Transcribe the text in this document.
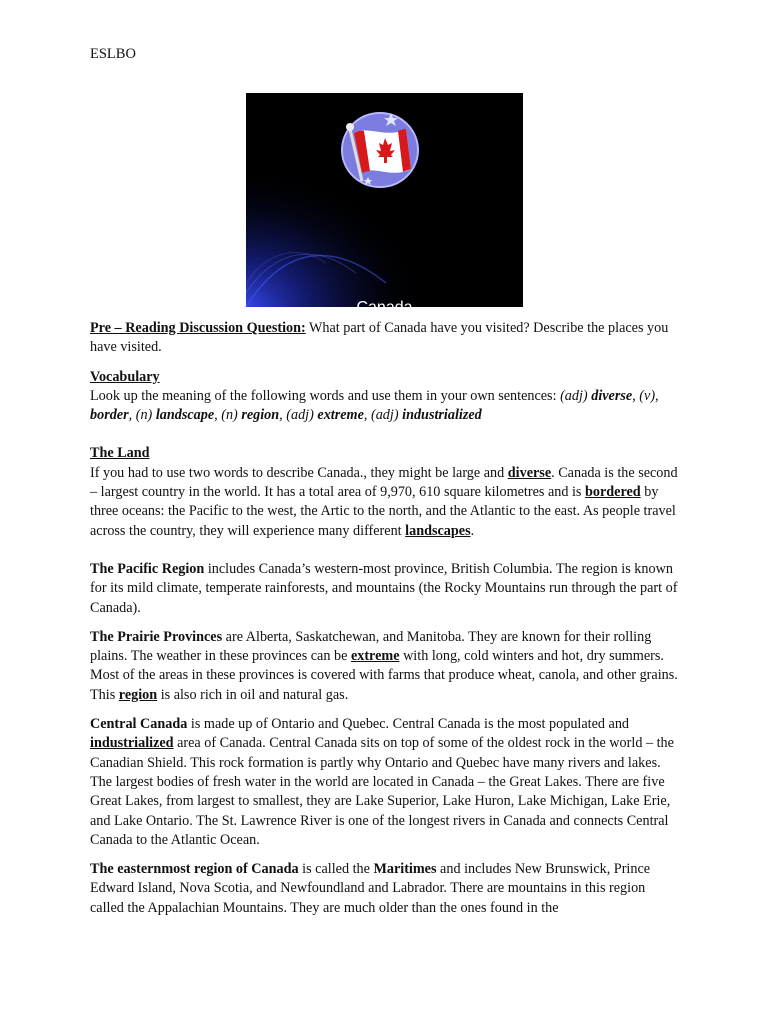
ESLBO
Canada
Land and People

Pre – Reading Discussion Question: What part of Canada have you visited? Describe the places you have visited.

Vocabulary

Look up the meaning of the following words and use them in your own sentences: (adj) diverse, (v), border, (n) landscape, (n) region, (adj) extreme, (adj) industrialized

The Land

If you had to use two words to describe Canada., they might be large and diverse. Canada is the second – largest country in the world. It has a total area of 9,970, 610 square kilometres and is bordered by three oceans: the Pacific to the west, the Artic to the north, and the Atlantic to the east. As people travel across the country, they will experience many different landscapes.

The Pacific Region includes Canada’s western-most province, British Columbia. The region is known for its mild climate, temperate rainforests, and mountains (the Rocky Mountains run through the part of Canada).

The Prairie Provinces are Alberta, Saskatchewan, and Manitoba. They are known for their rolling plains. The weather in these provinces can be extreme with long, cold winters and hot, dry summers. Most of the areas in these provinces is covered with farms that produce wheat, canola, and other grains. This region is also rich in oil and natural gas.

Central Canada is made up of Ontario and Quebec. Central Canada is the most populated and industrialized area of Canada. Central Canada sits on top of some of the oldest rock in the world – the Canadian Shield. This rock formation is partly why Ontario and Quebec have many rivers and lakes. The largest bodies of fresh water in the world are located in Canada – the Great Lakes. There are five Great Lakes, from largest to smallest, they are Lake Superior, Lake Huron, Lake Michigan, Lake Erie, and Lake Ontario. The St. Lawrence River is one of the longest rivers in Canada and connects Central Canada to the Atlantic Ocean.

The easternmost region of Canada is called the Maritimes and includes New Brunswick, Prince Edward Island, Nova Scotia, and Newfoundland and Labrador. There are mountains in this region called the Appalachian Mountains. They are much older than the ones found in the
